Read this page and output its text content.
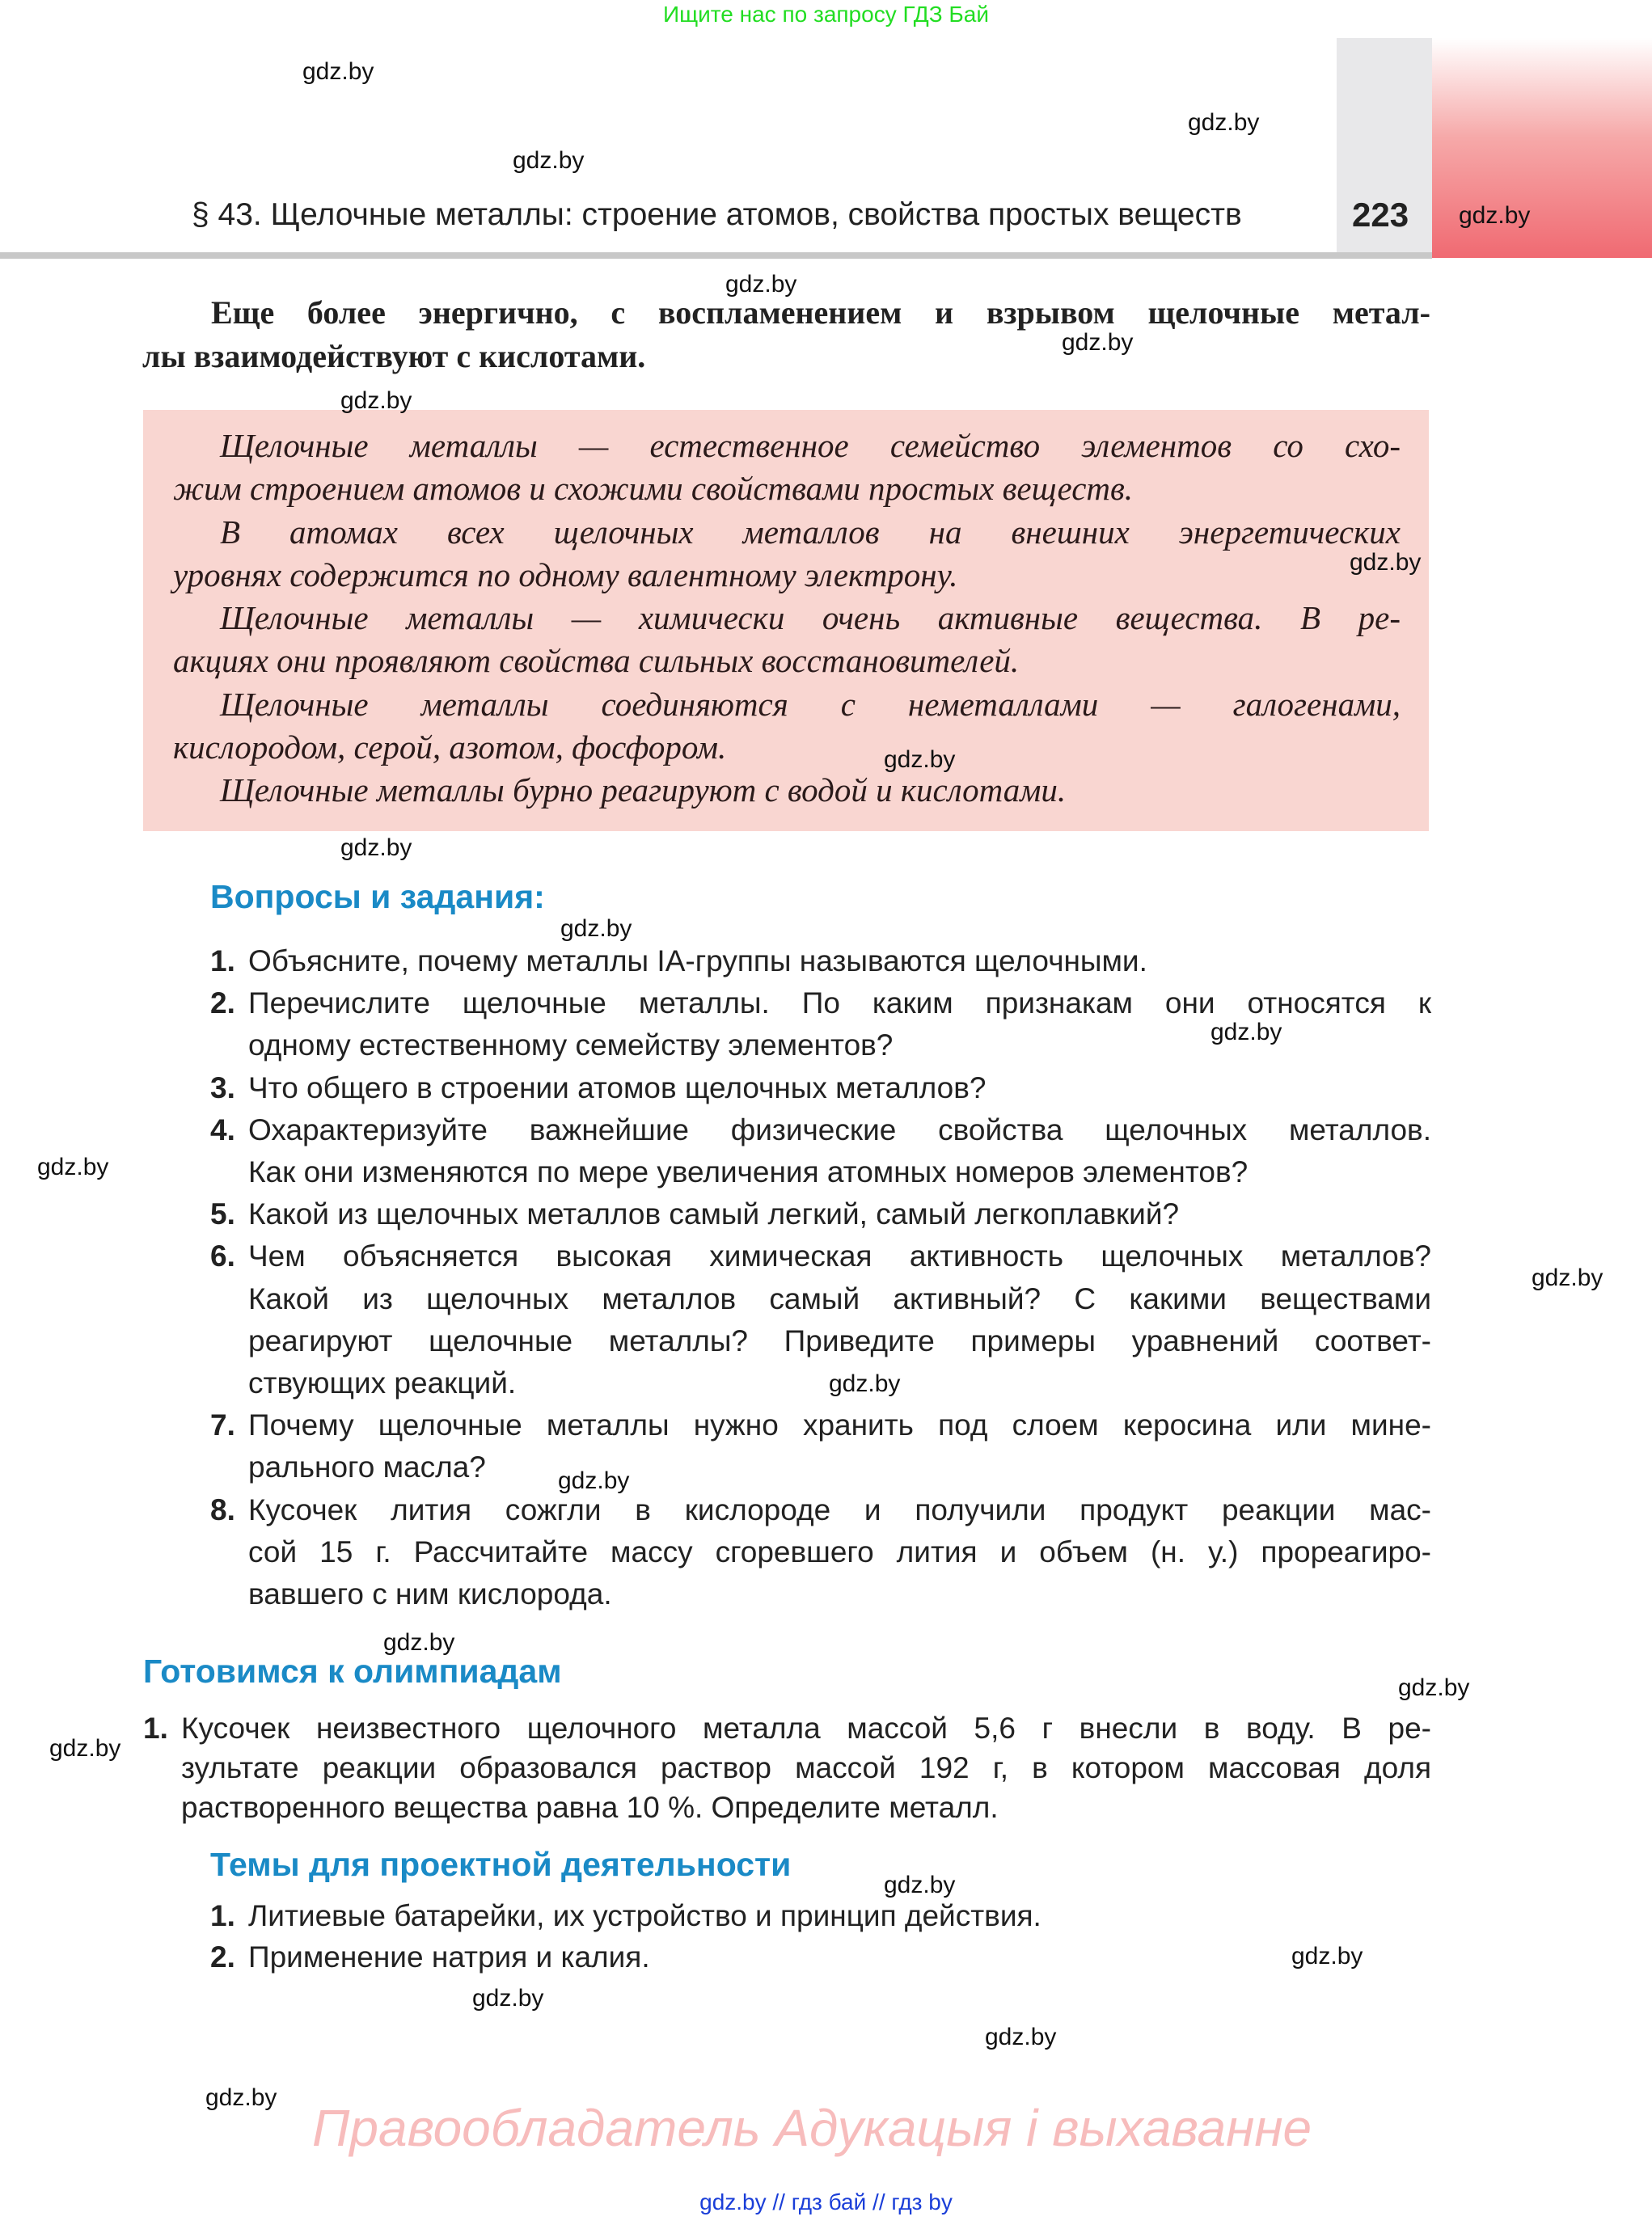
Ищите нас по запросу ГДЗ Бай
§ 43. Щелочные металлы: строение атомов, свойства простых веществ	223
Еще более энергично, с воспламенением и взрывом щелочные метал-
лы взаимодействуют с кислотами.
Щелочные металлы — естественное семейство элементов со схо-
жим строением атомов и схожими свойствами простых веществ.
В атомах всех щелочных металлов на внешних энергетических
уровнях содержится по одному валентному электрону.
Щелочные металлы — химически очень активные вещества. В ре-
акциях они проявляют свойства сильных восстановителей.
Щелочные металлы соединяются с неметаллами — галогенами,
кислородом, серой, азотом, фосфором.
Щелочные металлы бурно реагируют с водой и кислотами.
Вопросы и задания:
1. Объясните, почему металлы IA-группы называются щелочными.
2. Перечислите щелочные металлы. По каким признакам они относятся к
одному естественному семейству элементов?
3. Что общего в строении атомов щелочных металлов?
4. Охарактеризуйте важнейшие физические свойства щелочных металлов.
Как они изменяются по мере увеличения атомных номеров элементов?
5. Какой из щелочных металлов самый легкий, самый легкоплавкий?
6. Чем объясняется высокая химическая активность щелочных металлов?
Какой из щелочных металлов самый активный? С какими веществами
реагируют щелочные металлы? Приведите примеры уравнений соответ-
ствующих реакций.
7. Почему щелочные металлы нужно хранить под слоем керосина или мине-
рального масла?
8. Кусочек лития сожгли в кислороде и получили продукт реакции мас-
сой 15 г. Рассчитайте массу сгоревшего лития и объем (н. у.) прореагиро-
вавшего с ним кислорода.
Готовимся к олимпиадам
1. Кусочек неизвестного щелочного металла массой 5,6 г внесли в воду. В ре-
зультате реакции образовался раствор массой 192 г, в котором массовая доля
растворенного вещества равна 10 %. Определите металл.
Темы для проектной деятельности
1. Литиевые батарейки, их устройство и принцип действия.
2. Применение натрия и калия.
Правообладатель Адукацыя і выхаванне
gdz.by // гдз бай // гдз by
gdz.by
gdz.by
gdz.by
gdz.by
gdz.by
gdz.by
gdz.by
gdz.by
gdz.by
gdz.by
gdz.by
gdz.by
gdz.by
gdz.by
gdz.by
gdz.by
gdz.by
gdz.by
gdz.by
gdz.by
gdz.by
gdz.by
gdz.by
gdz.by
